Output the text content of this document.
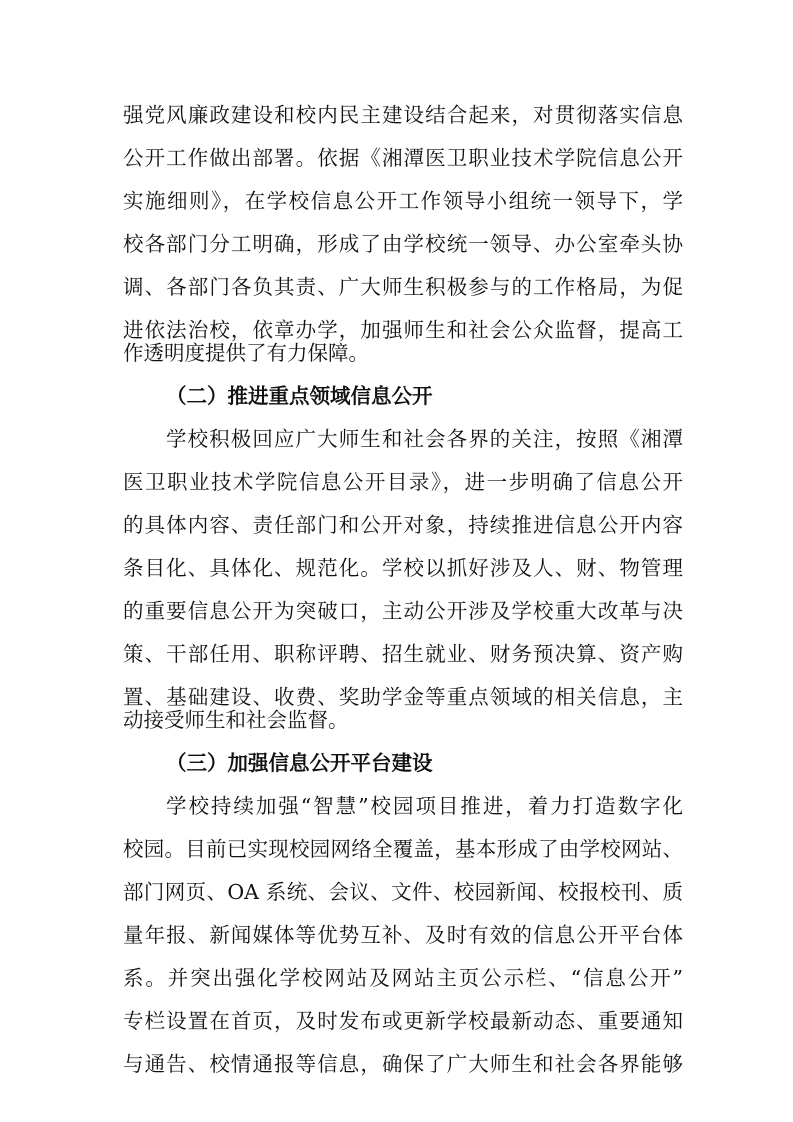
强党风廉政建设和校内民主建设结合起来，对贯彻落实信息
公开工作做出部署。依据《湘潭医卫职业技术学院信息公开
实施细则》，在学校信息公开工作领导小组统一领导下，学
校各部门分工明确，形成了由学校统一领导、办公室牵头协
调、各部门各负其责、广大师生积极参与的工作格局，为促
进依法治校，依章办学，加强师生和社会公众监督，提高工
作透明度提供了有力保障。
（二）推进重点领域信息公开
学校积极回应广大师生和社会各界的关注，按照《湘潭
医卫职业技术学院信息公开目录》，进一步明确了信息公开
的具体内容、责任部门和公开对象，持续推进信息公开内容
条目化、具体化、规范化。学校以抓好涉及人、财、物管理
的重要信息公开为突破口，主动公开涉及学校重大改革与决
策、干部任用、职称评聘、招生就业、财务预决算、资产购
置、基础建设、收费、奖助学金等重点领域的相关信息，主
动接受师生和社会监督。
（三）加强信息公开平台建设
学校持续加强“智慧”校园项目推进，着力打造数字化
校园。目前已实现校园网络全覆盖，基本形成了由学校网站、
部门网页、OA 系统、会议、文件、校园新闻、校报校刊、质
量年报、新闻媒体等优势互补、及时有效的信息公开平台体
系。并突出强化学校网站及网站主页公示栏、“信息公开”
专栏设置在首页，及时发布或更新学校最新动态、重要通知
与通告、校情通报等信息，确保了广大师生和社会各界能够
